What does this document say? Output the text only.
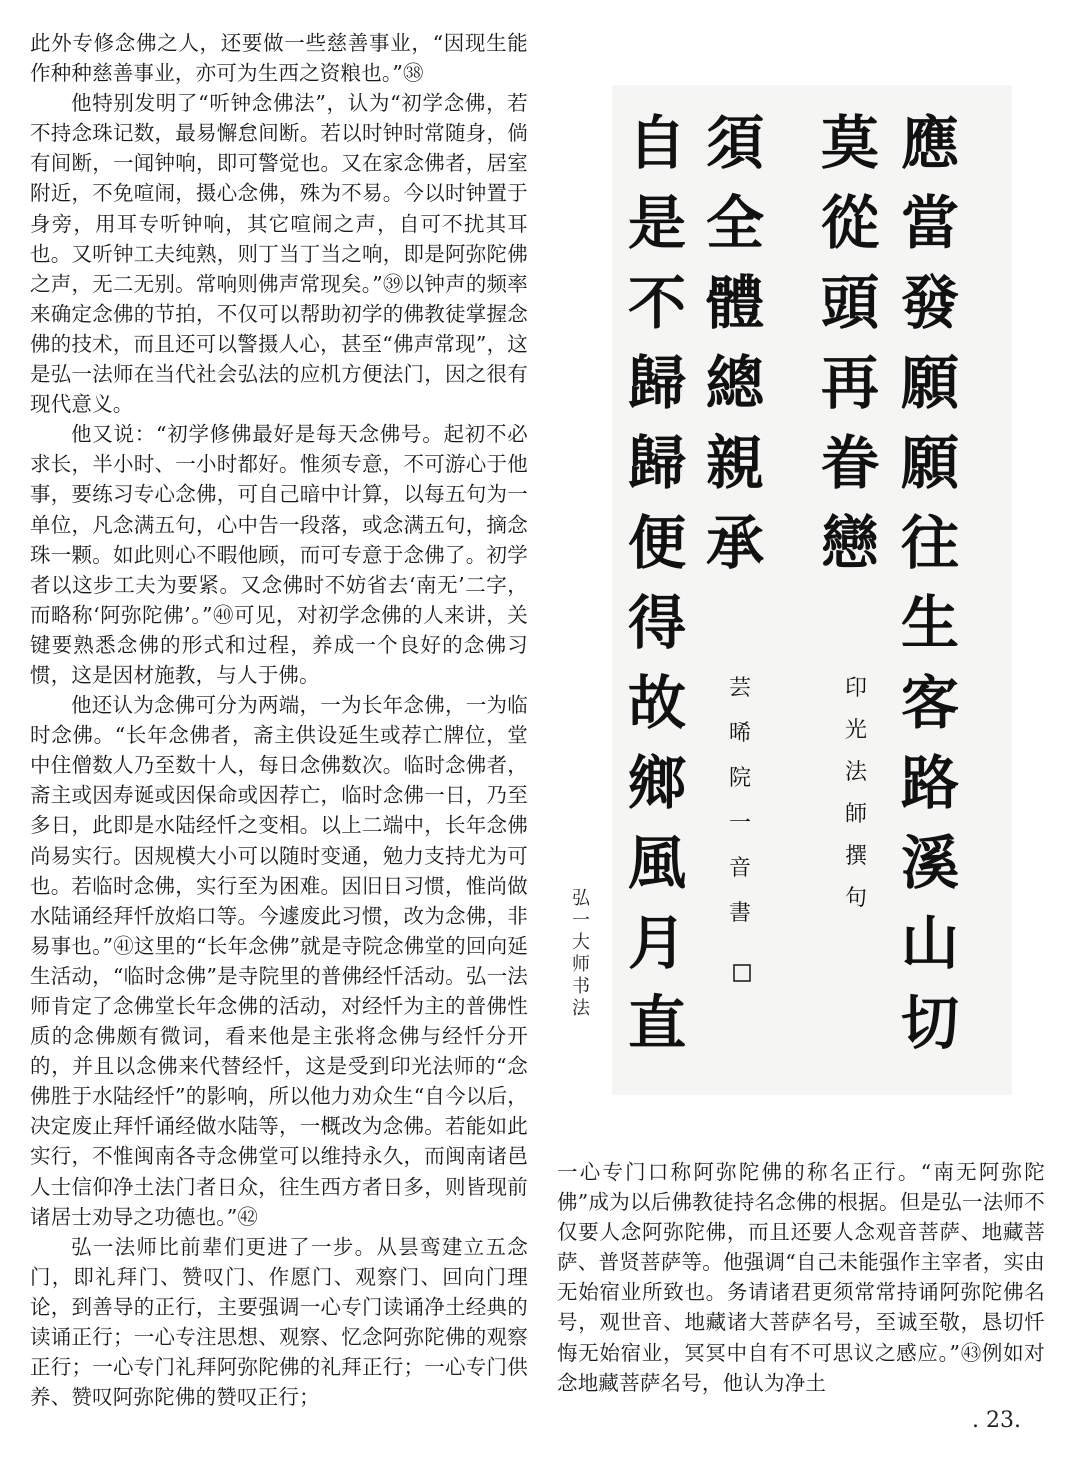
此外专修念佛之人，还要做一些慈善事业，“因现生能作种种慈善事业，亦可为生西之资粮也。”㊳

他特别发明了“听钟念佛法”，认为“初学念佛，若不持念珠记数，最易懈怠间断。若以时钟时常随身，倘有间断，一闻钟响，即可警觉也。又在家念佛者，居室附近，不免喧闹，摄心念佛，殊为不易。今以时钟置于身旁，用耳专听钟响，其它喧闹之声，自可不扰其耳也。又听钟工夫纯熟，则丁当丁当之响，即是阿弥陀佛之声，无二无别。常响则佛声常现矣。”㊴以钟声的频率来确定念佛的节拍，不仅可以帮助初学的佛教徒掌握念佛的技术，而且还可以警摄人心，甚至“佛声常现”，这是弘一法师在当代社会弘法的应机方便法门，因之很有现代意义。

他又说：“初学修佛最好是每天念佛号。起初不必求长，半小时、一小时都好。惟须专意，不可游心于他事，要练习专心念佛，可自己暗中计算，以每五句为一单位，凡念满五句，心中告一段落，或念满五句，摘念珠一颗。如此则心不暇他顾，而可专意于念佛了。初学者以这步工夫为要紧。又念佛时不妨省去‘南无’二字，而略称‘阿弥陀佛’。”㊵可见，对初学念佛的人来讲，关键要熟悉念佛的形式和过程，养成一个良好的念佛习惯，这是因材施教，与人于佛。

他还认为念佛可分为两端，一为长年念佛，一为临时念佛。“长年念佛者，斋主供设延生或荐亡牌位，堂中住僧数人乃至数十人，每日念佛数次。临时念佛者，斋主或因寿诞或因保命或因荐亡，临时念佛一日，乃至多日，此即是水陆经忏之变相。以上二端中，长年念佛尚易实行。因规模大小可以随时变通，勉力支持尤为可也。若临时念佛，实行至为困难。因旧日习惯，惟尚做水陆诵经拜忏放焰口等。今遽废此习惯，改为念佛，非易事也。”㊶这里的“长年念佛”就是寺院念佛堂的回向延生活动，“临时念佛”是寺院里的普佛经忏活动。弘一法师肯定了念佛堂长年念佛的活动，对经忏为主的普佛性质的念佛颇有微词，看来他是主张将念佛与经忏分开的，并且以念佛来代替经忏，这是受到印光法师的“念佛胜于水陆经忏”的影响，所以他力劝众生“自今以后，决定废止拜忏诵经做水陆等，一概改为念佛。若能如此实行，不惟闽南各寺念佛堂可以维持永久，而闽南诸邑人士信仰净土法门者日众，往生西方者日多，则皆现前诸居士劝导之功德也。”㊷

弘一法师比前辈们更进了一步。从昙鸾建立五念门，即礼拜门、赞叹门、作愿门、观察门、回向门理论，到善导的正行，主要强调一心专门读诵净土经典的读诵正行；一心专注思想、观察、忆念阿弥陀佛的观察正行；一心专门礼拜阿弥陀佛的礼拜正行；一心专门供养、赞叹阿弥陀佛的赞叹正行；

應
當
發
願
願
往
生
客
路
溪
山
切
莫
從
頭
再
眷
戀
須
全
體
總
親
承
自
是
不
歸
歸
便
得
故
鄉
風
月
直
印
光
法
師
撰
句
芸
晞
院
一
音
書
弘
一
大
师
书
法

一心专门口称阿弥陀佛的称名正行。“南无阿弥陀佛”成为以后佛教徒持名念佛的根据。但是弘一法师不仅要人念阿弥陀佛，而且还要人念观音菩萨、地藏菩萨、普贤菩萨等。他强调“自己未能强作主宰者，实由无始宿业所致也。务请诸君更须常常持诵阿弥陀佛名号，观世音、地藏诸大菩萨名号，至诚至敬，恳切忏悔无始宿业，冥冥中自有不可思议之感应。”㊸例如对念地藏菩萨名号，他认为净土

. 23.
